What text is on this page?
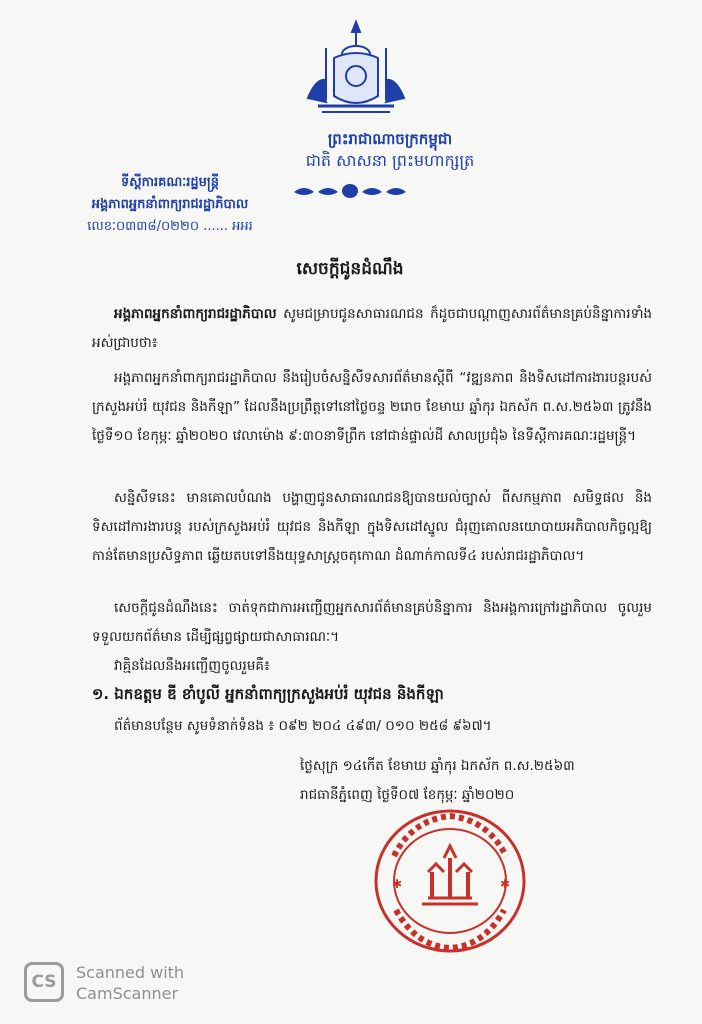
ព្រះរាជាណាចក្រកម្ពុជា
ជាតិ សាសនា ព្រះមហាក្សត្រ
ទីស្តីការគណៈរដ្ឋមន្ត្រី
អង្គភាពអ្នកនាំពាក្យរាជរដ្ឋាភិបាល
លេខៈ០៣៣៨/០២២០ ...... អអរ
សេចក្តីជូនដំណឹង
អង្គភាពអ្នកនាំពាក្យរាជរដ្ឋាភិបាល សូមជម្រាបជូនសាធារណជន ក៏ដូចជាបណ្តាញសារព័ត៌មានគ្រប់និន្នាការទាំងអស់ជ្រាបថា៖
អង្គភាពអ្នកនាំពាក្យរាជរដ្ឋាភិបាល នឹងរៀបចំសន្និសីទសារព័ត៌មានស្តីពី “វឌ្ឍនភាព និងទិសដៅការងារបន្តរបស់ក្រសួងអប់រំ យុវជន និងកីឡា” ដែលនឹងប្រព្រឹត្តទៅនៅថ្ងៃចន្ទ ២រោច ខែមាឃ ឆ្នាំកុរ ឯកស័ក ព.ស.២៥៦៣ ត្រូវនឹងថ្ងៃទី១០ ខែកុម្ភៈ ឆ្នាំ២០២០ វេលាម៉ោង ៩:៣០នាទីព្រឹក នៅជាន់ផ្ទាល់ដី សាលប្រជុំ៦ នៃទីស្តីការគណៈរដ្ឋមន្ត្រី។
សន្និសីទនេះ មានគោលបំណង បង្ហាញជូនសាធារណជនឱ្យបានយល់ច្បាស់ ពីសកម្មភាព សមិទ្ធផល និងទិសដៅការងារបន្ត របស់ក្រសួងអប់រំ យុវជន និងកីឡា ក្នុងទិសដៅស្នូល ជំរុញគោលនយោបាយអភិបាលកិច្ចល្អឱ្យកាន់តែមានប្រសិទ្ធភាព ឆ្លើយតបទៅនឹងយុទ្ធសាស្ត្រចតុកោណ ដំណាក់កាលទី៤ របស់រាជរដ្ឋាភិបាល។
សេចក្តីជូនដំណឹងនេះ ចាត់ទុកជាការអញ្ជើញអ្នកសារព័ត៌មានគ្រប់និន្នាការ និងអង្គការក្រៅរដ្ឋាភិបាល ចូលរួមទទួលយកព័ត៌មាន ដើម្បីផ្សព្វផ្សាយជាសាធារណៈ។
វាគ្មិនដែលនឹងអញ្ជើញចូលរួមគឺ៖
១. ឯកឧត្តម ឌី ខាំបូលី អ្នកនាំពាក្យក្រសួងអប់រំ យុវជន និងកីឡា
ព័ត៌មានបន្ថែម សូមទំនាក់ទំនង ៖ ០៩២ ២០៤ ៤៩៣/ ០១០ ២៥៨ ៩៦៧។
ថ្ងៃសុក្រ ១៤កើត ខែមាឃ ឆ្នាំកុរ ឯកស័ក ព.ស.២៥៦៣
រាជធានីភ្នំពេញ ថ្ងៃទី០៧ ខែកុម្ភៈ ឆ្នាំ២០២០
✱	✱
CS	Scanned with
CamScanner
